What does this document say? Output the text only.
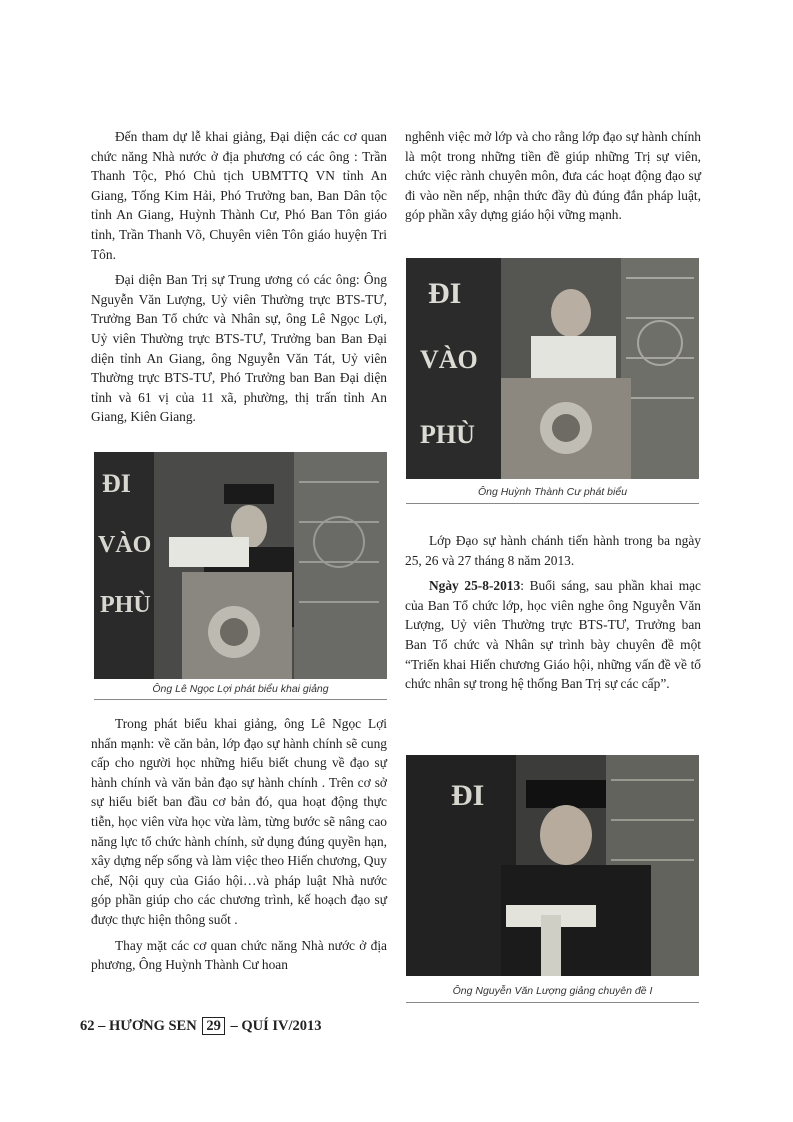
Đến tham dự lễ khai giảng, Đại diện các cơ quan chức năng Nhà nước ở địa phương có các ông : Trần Thanh Tộc, Phó Chủ tịch UBMTTQ VN tỉnh An Giang, Tống Kim Hải, Phó Trưởng ban, Ban Dân tộc tỉnh An Giang, Huỳnh Thành Cư, Phó Ban Tôn giáo tỉnh, Trần Thanh Võ, Chuyên viên Tôn giáo huyện Tri Tôn.

Đại diện Ban Trị sự Trung ương có các ông: Ông Nguyễn Văn Lượng, Uỷ viên Thường trực BTS-TƯ, Trưởng Ban Tổ chức và Nhân sự, ông Lê Ngọc Lợi, Uỷ viên Thường trực BTS-TƯ, Trưởng ban Ban Đại diện tỉnh An Giang, ông Nguyễn Văn Tát, Uỷ viên Thường trực BTS-TƯ, Phó Trưởng ban Ban Đại diện tỉnh và 61 vị của 11 xã, phường, thị trấn tỉnh An Giang, Kiên Giang.

ĐI
VÀO
PHÙ
Ông Lê Ngọc Lợi phát biểu khai giảng

Trong phát biểu khai giảng, ông Lê Ngọc Lợi nhấn mạnh: về căn bản, lớp đạo sự hành chính sẽ cung cấp cho người học những hiểu biết chung về đạo sự hành chính và văn bản đạo sự hành chính . Trên cơ sở sự hiểu biết ban đầu cơ bản đó, qua hoạt động thực tiễn, học viên vừa học vừa làm, từng bước sẽ nâng cao năng lực tổ chức hành chính, sử dụng đúng quyền hạn, xây dựng nếp sống và làm việc theo Hiến chương, Quy chế, Nội quy của Giáo hội…và pháp luật Nhà nước góp phần giúp cho các chương trình, kế hoạch đạo sự được thực hiện thông suốt .

Thay mặt các cơ quan chức năng Nhà nước ở địa phương, Ông Huỳnh Thành Cư hoan

nghênh việc mở lớp và cho rằng lớp đạo sự hành chính là một trong những tiền đề giúp những Trị sự viên, chức việc rành chuyên môn, đưa các hoạt động đạo sự đi vào nền nếp, nhận thức đầy đủ đúng đắn pháp luật, góp phần xây dựng giáo hội vững mạnh.

ĐI
VÀO
PHÙ
Ông Huỳnh Thành Cư phát biểu

Lớp Đạo sự hành chánh tiến hành trong ba ngày 25, 26 và 27 tháng 8 năm 2013.

Ngày 25-8-2013: Buổi sáng, sau phần khai mạc của Ban Tổ chức lớp, học viên nghe ông Nguyễn Văn Lượng, Uỷ viên Thường trực BTS-TƯ, Trưởng ban Ban Tổ chức và Nhân sự trình bày chuyên đề một “Triển khai Hiến chương Giáo hội, những vấn đề về tổ chức nhân sự trong hệ thống Ban Trị sự các cấp”.

ĐI
Ông Nguyễn Văn Lượng giảng chuyên đề I
62 – HƯƠNG SEN 29 – QUÍ IV/2013
